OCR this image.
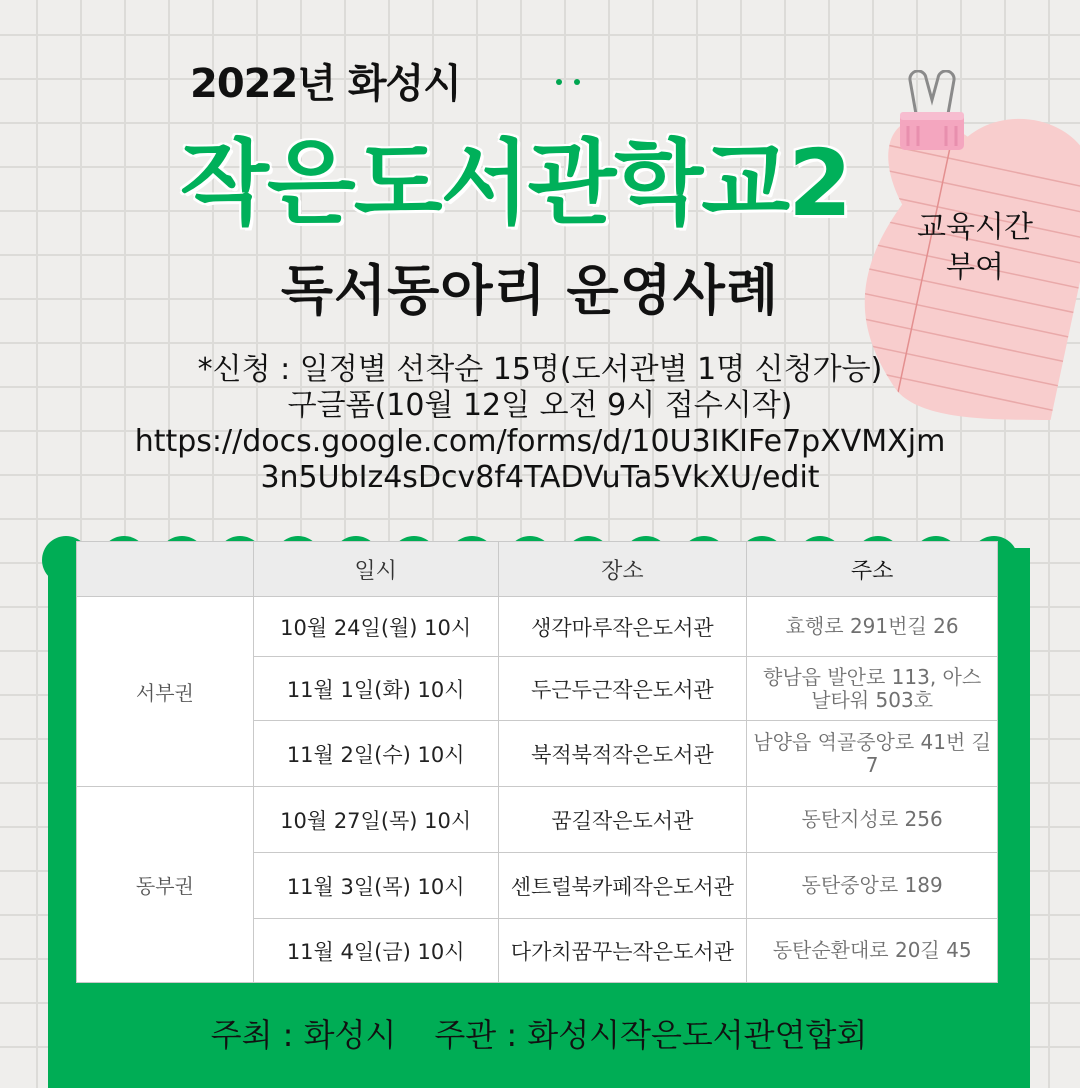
2022년 화성시
작은도서관학교2
독서동아리 운영사례
교육시간
부여
*신청 : 일정별 선착순 15명(도서관별 1명 신청가능)
구글폼(10월 12일 오전 9시 접수시작)
https://docs.google.com/forms/d/10U3IKIFe7pXVMXjm
3n5UbIz4sDcv8f4TADVuTa5VkXU/edit
	일시	장소	주소
서부권	10월 24일(월) 10시	생각마루작은도서관	효행로 291번길 26
	11월 1일(화) 10시	두근두근작은도서관	향남읍 발안로 113, 아스 날타워 503호
	11월 2일(수) 10시	북적북적작은도서관	남양읍 역골중앙로 41번 길 7
동부권	10월 27일(목) 10시	꿈길작은도서관	동탄지성로 256
	11월 3일(목) 10시	센트럴북카페작은도서관	동탄중앙로 189
	11월 4일(금) 10시	다가치꿈꾸는작은도서관	동탄순환대로 20길 45
주최 : 화성시 주관 : 화성시작은도서관연합회
